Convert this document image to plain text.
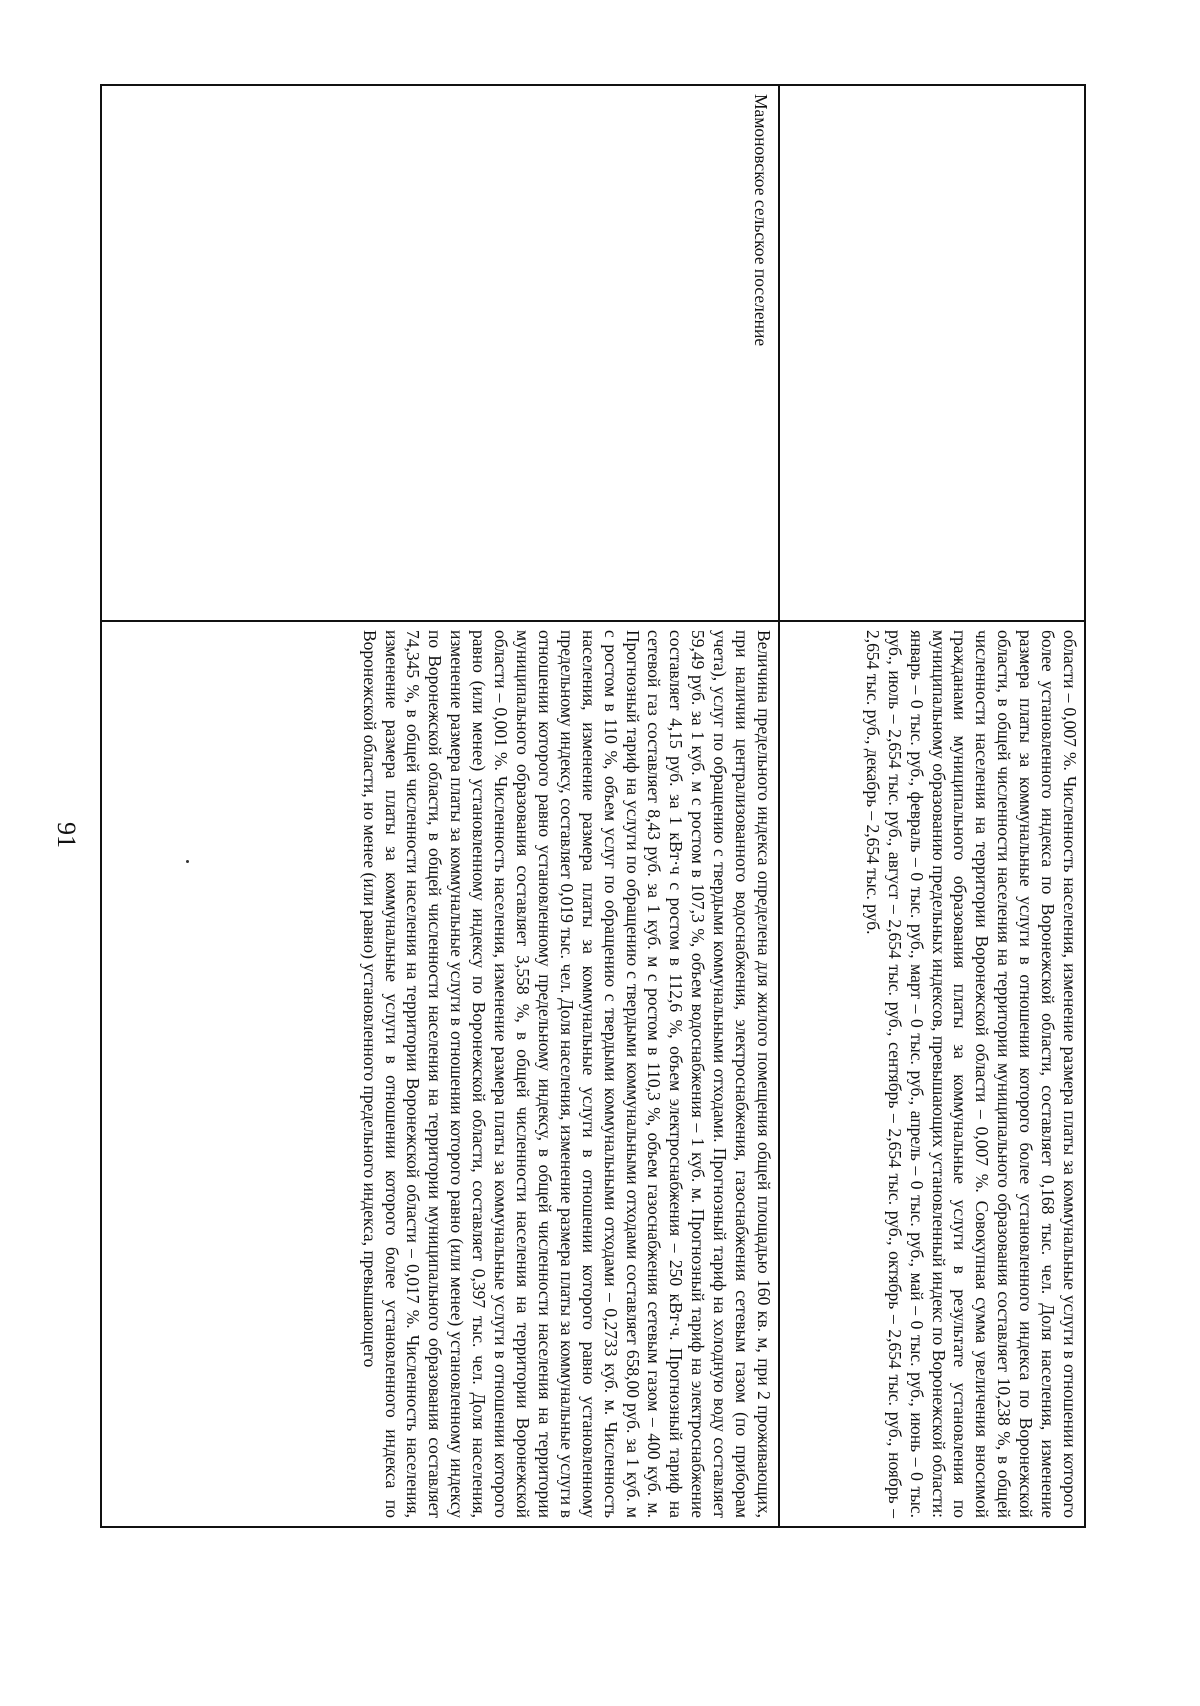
91	области – 0,007 %. Численность населения, изменение размера платы за коммунальные услуги в отношении которого более установленного индекса по Воронежской области, составляет 0,168 тыс. чел. Доля населения, изменение размера платы за коммунальные услуги в отношении которого более установленного индекса по Воронежской области, в общей численности населения на территории муниципального образования составляет 10,238 %, в общей численности населения на территории Воронежской области – 0,007 %. Совокупная сумма увеличения вносимой гражданами муниципального образования платы за коммунальные услуги в результате установления по муниципальному образованию предельных индексов, превышающих установленный индекс по Воронежской области: январь – 0 тыс. руб., февраль – 0 тыс. руб., март – 0 тыс. руб., апрель – 0 тыс. руб., май – 0 тыс. руб., июнь – 0 тыс. руб., июль – 2,654 тыс. руб., август – 2,654 тыс. руб., сентябрь – 2,654 тыс. руб., октябрь – 2,654 тыс. руб., ноябрь – 2,654 тыс. руб., декабрь – 2,654 тыс. руб.
Мамоновское сельское поселение
Величина предельного индекса определена для жилого помещения общей площадью 160 кв. м, при 2 проживающих, при наличии централизованного водоснабжения, электроснабжения, газоснабжения сетевым газом (по приборам учета), услуг по обращению с твердыми коммунальными отходами. Прогнозный тариф на холодную воду составляет 59,49 руб. за 1 куб. м с ростом в 107,3 %, объем водоснабжения – 1 куб. м. Прогнозный тариф на электроснабжение составляет 4,15 руб. за 1 кВт·ч с ростом в 112,6 %, объем электроснабжения – 250 кВт·ч. Прогнозный тариф на сетевой газ составляет 8,43 руб. за 1 куб. м с ростом в 110,3 %, объем газоснабжения сетевым газом – 400 куб. м. Прогнозный тариф на услуги по обращению с твердыми коммунальными отходами составляет 658,00 руб. за 1 куб. м с ростом в 110 %, объем услуг по обращению с твердыми коммунальными отходами – 0,2733 куб. м. Численность населения, изменение размера платы за коммунальные услуги в отношении которого равно установленному предельному индексу, составляет 0,019 тыс. чел. Доля населения, изменение размера платы за коммунальные услуги в отношении которого равно установленному предельному индексу, в общей численности населения на территории муниципального образования составляет 3,558 %, в общей численности населения на территории Воронежской области – 0,001 %. Численность населения, изменение размера платы за коммунальные услуги в отношении которого равно (или менее) установленному индексу по Воронежской области, составляет 0,397 тыс. чел. Доля населения, изменение размера платы за коммунальные услуги в отношении которого равно (или менее) установленному индексу по Воронежской области, в общей численности населения на территории муниципального образования составляет 74,345 %, в общей численности населения на территории Воронежской области – 0,017 %. Численность населения, изменение размера платы за коммунальные услуги в отношении которого более установленного индекса по Воронежской области, но менее (или равно) установленного предельного индекса, превышающего
